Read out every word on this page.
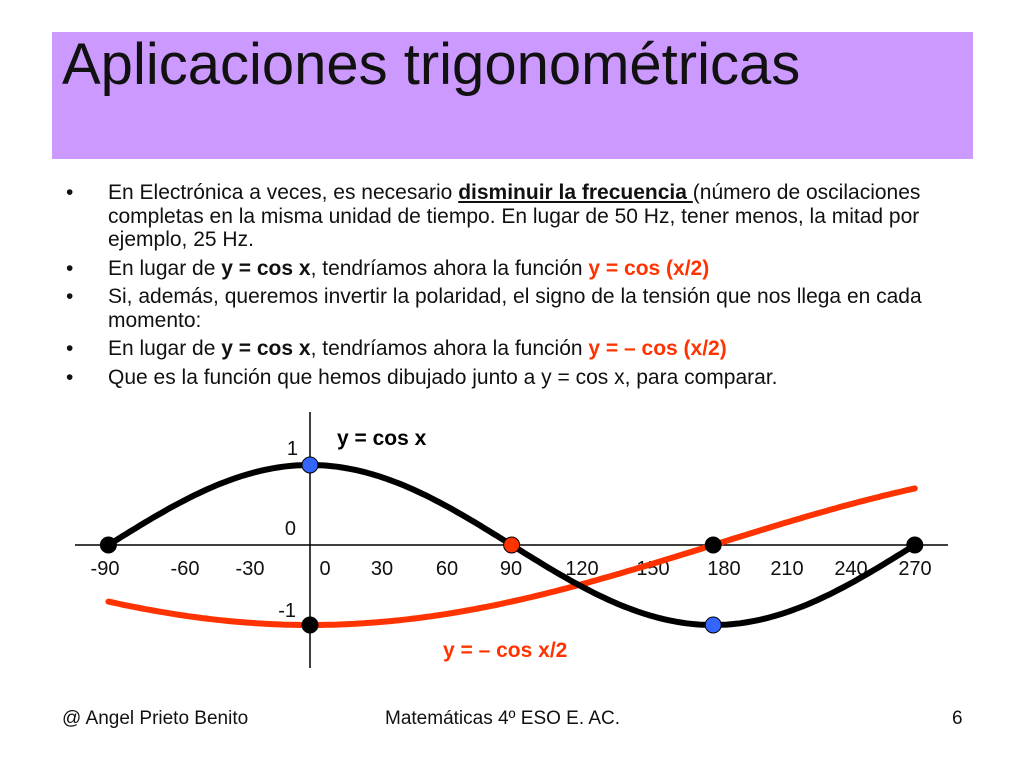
Aplicaciones trigonométricas
• En Electrónica a veces, es necesario disminuir la frecuencia (número de oscilaciones completas en la misma unidad de tiempo. En lugar de 50 Hz, tener menos, la mitad por ejemplo, 25 Hz.
• En lugar de y = cos x, tendríamos ahora la función y = cos (x/2)
• Si, además, queremos invertir la polaridad, el signo de la tensión que nos llega en cada momento:
• En lugar de y = cos x, tendríamos ahora la función y = – cos (x/2)
• Que es la función que hemos dibujado junto a y = cos x, para comparar.
-90	-60 -30	0 30 60 90 120 150 180 210 240 270
1
0
-1
y = cos x
y = – cos x/2
@ Angel Prieto Benito	Matemáticas 4º ESO E. AC.	6
